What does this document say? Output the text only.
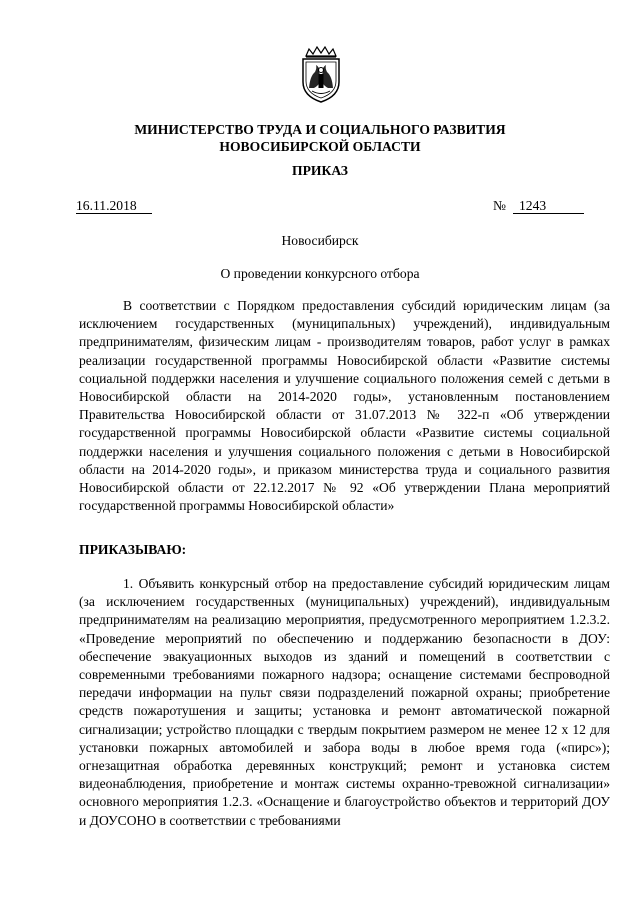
МИНИСТЕРСТВО ТРУДА И СОЦИАЛЬНОГО РАЗВИТИЯ
НОВОСИБИРСКОЙ ОБЛАСТИ
ПРИКАЗ
16.11.2018	№ 1243
Новосибирск
О проведении конкурсного отбора

В соответствии с Порядком предоставления субсидий юридическим лицам (за исключением государственных (муниципальных) учреждений), индивидуальным предпринимателям, физическим лицам - производителям товаров, работ услуг в рамках реализации государственной программы Новосибирской области «Развитие системы социальной поддержки населения и улучшение социального положения семей с детьми в Новосибирской области на 2014-2020 годы», установленным постановлением Правительства Новосибирской области от 31.07.2013 № 322-п «Об утверждении государственной программы Новосибирской области «Развитие системы социальной поддержки населения и улучшения социального положения с детьми в Новосибирской области на 2014-2020 годы», и приказом министерства труда и социального развития Новосибирской области от 22.12.2017 № 92 «Об утверждении Плана мероприятий государственной программы Новосибирской области»

ПРИКАЗЫВАЮ:

1. Объявить конкурсный отбор на предоставление субсидий юридическим лицам (за исключением государственных (муниципальных) учреждений), индивидуальным предпринимателям на реализацию мероприятия, предусмотренного мероприятием 1.2.3.2. «Проведение мероприятий по обеспечению и поддержанию безопасности в ДОУ: обеспечение эвакуационных выходов из зданий и помещений в соответствии с современными требованиями пожарного надзора; оснащение системами беспроводной передачи информации на пульт связи подразделений пожарной охраны; приобретение средств пожаротушения и защиты; установка и ремонт автоматической пожарной сигнализации; устройство площадки с твердым покрытием размером не менее 12 х 12 для установки пожарных автомобилей и забора воды в любое время года («пирс»); огнезащитная обработка деревянных конструкций; ремонт и установка систем видеонаблюдения, приобретение и монтаж системы охранно-тревожной сигнализации» основного мероприятия 1.2.3. «Оснащение и благоустройство объектов и территорий ДОУ и ДОУСОНО в соответствии с требованиями
